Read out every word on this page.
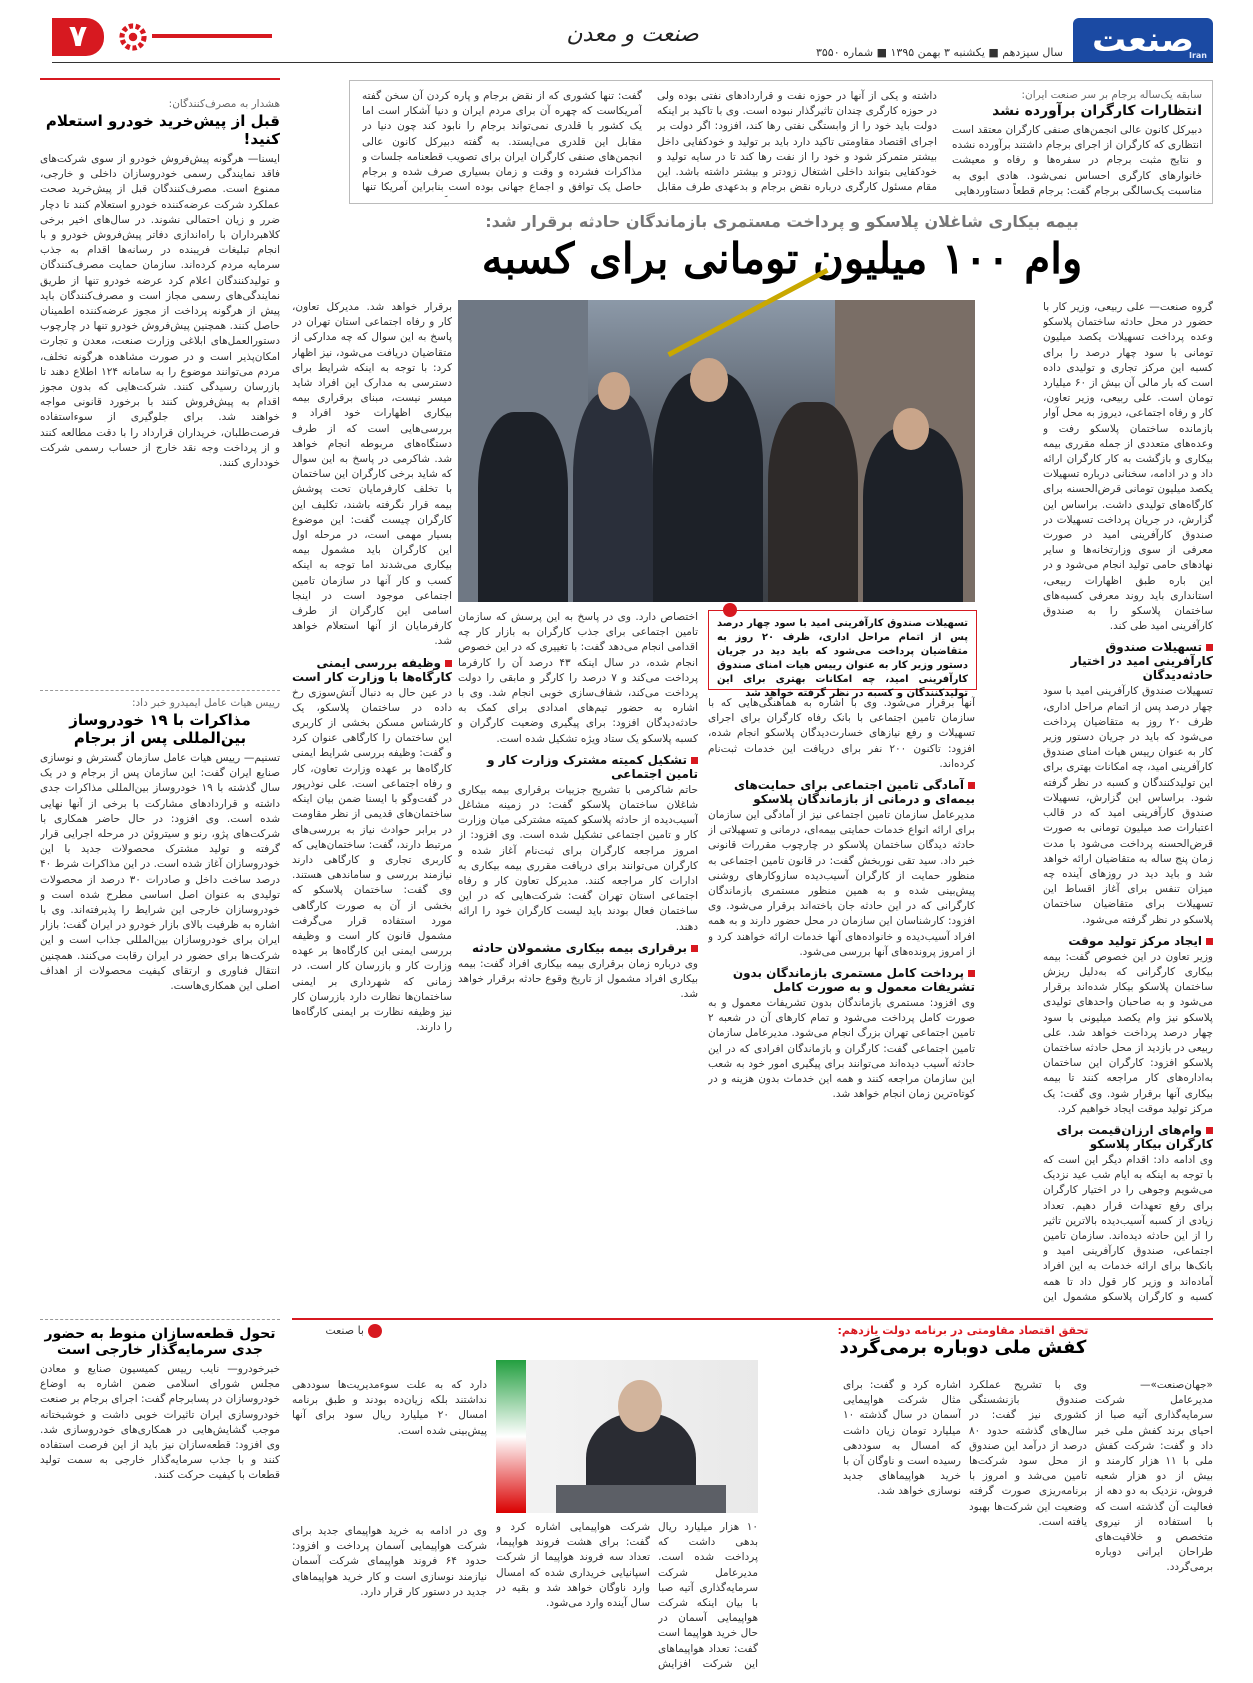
صنعت
Iran
سال سیزدهم ■ یکشنبه ۳ بهمن ۱۳۹۵ ■ شماره ۳۵۵۰
صنعت و معدن
۷
سابقه یک‌ساله برجام بر سر صنعت ایران:
انتظارات کارگران برآورده نشد
دبیرکل کانون عالی انجمن‌های صنفی کارگران معتقد است انتظاری که کارگران از اجرای برجام داشتند برآورده نشده و نتایج مثبت برجام در سفره‌ها و رفاه و معیشت خانوارهای کارگری احساس نمی‌شود. هادی ابوی به مناسبت یک‌سالگی برجام گفت: برجام قطعاً دستاوردهایی
داشته و یکی از آنها در حوزه نفت و قراردادهای نفتی بوده ولی در حوزه کارگری چندان تاثیرگذار نبوده است. وی با تاکید بر اینکه دولت باید خود را از وابستگی نفتی رها کند، افزود: اگر دولت بر اجرای اقتصاد مقاومتی تاکید دارد باید بر تولید و خودکفایی داخل بیشتر متمرکز شود و خود را از نفت رها کند تا در سایه تولید و خودکفایی بتواند داخلی اشتغال زودتر و بیشتر داشته باشد. این مقام مسئول کارگری درباره نقض برجام و بدعهدی طرف مقابل
گفت: تنها کشوری که از نقض برجام و پاره کردن آن سخن گفته آمریکاست که چهره آن برای مردم ایران و دنیا آشکار است اما یک کشور با قلدری نمی‌تواند برجام را نابود کند چون دنیا در مقابل این قلدری می‌ایستد. به گفته دبیرکل کانون عالی انجمن‌های صنفی کارگران ایران برای تصویب قطعنامه جلسات و مذاکرات فشرده و وقت و زمان بسیاری صرف شده و برجام حاصل یک توافق و اجماع جهانی بوده است بنابراین آمریکا تنها
بیمه بیکاری شاغلان پلاسکو و پرداخت مستمری بازماندگان حادثه برقرار شد:
وام ۱۰۰ میلیون تومانی برای کسبه
گروه صنعت— علی ربیعی، وزیر کار با حضور در محل حادثه ساختمان پلاسکو وعده پرداخت تسهیلات یکصد میلیون تومانی با سود چهار درصد را برای کسبه این مرکز تجاری و تولیدی داده است که بار مالی آن بیش از ۶۰ میلیارد تومان است. علی ربیعی، وزیر تعاون، کار و رفاه اجتماعی، دیروز به محل آوار بازمانده ساختمان پلاسکو رفت و وعده‌های متعددی از جمله مقرری بیمه بیکاری و بازگشت به کار کارگران ارائه داد و در ادامه، سخنانی درباره تسهیلات یکصد میلیون تومانی قرض‌الحسنه برای کارگاه‌های تولیدی داشت. براساس این گزارش، در جریان پرداخت تسهیلات در صندوق کارآفرینی امید در صورت معرفی از سوی وزارتخانه‌ها و سایر نهادهای حامی تولید انجام می‌شود و در این باره طبق اظهارات ربیعی، استانداری باید روند معرفی کسبه‌های ساختمان پلاسکو را به صندوق کارآفرینی امید طی کند.
تسهیلات صندوق کارآفرینی امید در اختیار حادثه‌دیدگان
تسهیلات صندوق کارآفرینی امید با سود چهار درصد پس از اتمام مراحل اداری، ظرف ۲۰ روز به متقاضیان پرداخت می‌شود که باید در جریان دستور وزیر کار به عنوان رییس هیات امنای صندوق کارآفرینی امید، چه امکانات بهتری برای این تولیدکنندگان و کسبه در نظر گرفته شود. براساس این گزارش، تسهیلات صندوق کارآفرینی امید که در قالب اعتبارات صد میلیون تومانی به صورت قرض‌الحسنه پرداخت می‌شود با مدت زمان پنج ساله به متقاضیان ارائه خواهد شد و باید دید در روزهای آینده چه میزان تنفس برای آغاز اقساط این تسهیلات برای متقاضیان ساختمان پلاسکو در نظر گرفته می‌شود.
ایجاد مرکز تولید موقت
وزیر تعاون در این خصوص گفت: بیمه بیکاری کارگرانی که به‌دلیل ریزش ساختمان پلاسکو بیکار شده‌اند برقرار می‌شود و به صاحبان واحدهای تولیدی پلاسکو نیز وام یکصد میلیونی با سود چهار درصد پرداخت خواهد شد. علی ربیعی در بازدید از محل حادثه ساختمان پلاسکو افزود: کارگران این ساختمان به‌اداره‌های کار مراجعه کنند تا بیمه بیکاری آنها برقرار شود. وی گفت: یک مرکز تولید موقت ایجاد خواهیم کرد.
وام‌های ارزان‌قیمت برای کارگران بیکار پلاسکو
وی ادامه داد: اقدام دیگر این است که با توجه به اینکه به ایام شب عید نزدیک می‌شویم وجوهی را در اختیار کارگران برای رفع تعهدات قرار دهیم. تعداد زیادی از کسبه آسیب‌دیده بالاترین تاثیر را از این حادثه دیده‌اند. سازمان تامین اجتماعی، صندوق کارآفرینی امید و بانک‌ها برای ارائه خدمات به این افراد آماده‌اند و وزیر کار قول داد تا همه کسبه و کارگران پلاسکو مشمول این
برقرار خواهد شد. مدیرکل تعاون، کار و رفاه اجتماعی استان تهران در پاسخ به این سوال که چه مدارکی از متقاضیان دریافت می‌شود، نیز اظهار کرد: با توجه به اینکه شرایط برای دسترسی به مدارک این افراد شاید میسر نیست، مبنای برقراری بیمه بیکاری اظهارات خود افراد و بررسی‌هایی است که از طرف دستگاه‌های مربوطه انجام خواهد شد. شاکرمی در پاسخ به این سوال که شاید برخی کارگران این ساختمان با تخلف کارفرمایان تحت پوشش بیمه قرار نگرفته باشند، تکلیف این کارگران چیست گفت: این موضوع بسیار مهمی است، در مرحله اول این کارگران باید مشمول بیمه بیکاری می‌شدند اما توجه به اینکه کسب و کار آنها در سازمان تامین اجتماعی موجود است در اینجا اسامی این کارگران از طرف کارفرمایان از آنها استعلام خواهد شد.
وظیفه بررسی ایمنی کارگاه‌ها با وزارت کار است
در عین حال به دنبال آتش‌سوزی رخ داده در ساختمان پلاسکو، یک کارشناس مسکن بخشی از کاربری این ساختمان را کارگاهی عنوان کرد و گفت: وظیفه بررسی شرایط ایمنی کارگاه‌ها بر عهده وزارت تعاون، کار و رفاه اجتماعی است. علی نوذرپور در گفت‌وگو با ایسنا ضمن بیان اینکه ساختمان‌های قدیمی از نظر مقاومت در برابر حوادث نیاز به بررسی‌های مرتبط دارند، گفت: ساختمان‌هایی که کاربری تجاری و کارگاهی دارند نیازمند بررسی و ساماندهی هستند. وی گفت: ساختمان پلاسکو که بخشی از آن به صورت کارگاهی مورد استفاده قرار می‌گرفت مشمول قانون کار است و وظیفه بررسی ایمنی این کارگاه‌ها بر عهده وزارت کار و بازرسان کار است. در زمانی که شهرداری بر ایمنی ساختمان‌ها نظارت دارد بازرسان کار نیز وظیفه نظارت بر ایمنی کارگاه‌ها را دارند.
تسهیلات صندوق کارآفرینی امید با سود چهار درصد پس از اتمام مراحل اداری، ظرف ۲۰ روز به متقاضیان پرداخت می‌شود که باید دید در جریان دستور وزیر کار به عنوان رییس هیات امنای صندوق کارآفرینی امید، چه امکانات بهتری برای این تولیدکنندگان و کسبه در نظر گرفته خواهد شد
اختصاص دارد. وی در پاسخ به این پرسش که سازمان تامین اجتماعی برای جذب کارگران به بازار کار چه اقدامی انجام می‌دهد گفت: با تغییری که در این خصوص انجام شده، در سال اینکه ۴۳ درصد آن را کارفرما پرداخت می‌کند و ۷ درصد را کارگر و مابقی را دولت پرداخت می‌کند، شفاف‌سازی خوبی انجام شد. وی با اشاره به حضور تیم‌های امدادی برای کمک به حادثه‌دیدگان افزود: برای پیگیری وضعیت کارگران و کسبه پلاسکو یک ستاد ویژه تشکیل شده است.
تشکیل کمیته مشترک وزارت کار و تامین اجتماعی
حاتم شاکرمی با تشریح جزییات برقراری بیمه بیکاری شاغلان ساختمان پلاسکو گفت: در زمینه مشاغل آسیب‌دیده از حادثه پلاسکو کمیته مشترکی میان وزارت کار و تامین اجتماعی تشکیل شده است. وی افزود: از امروز مراجعه کارگران برای ثبت‌نام آغاز شده و کارگران می‌توانند برای دریافت مقرری بیمه بیکاری به ادارات کار مراجعه کنند. مدیرکل تعاون کار و رفاه اجتماعی استان تهران گفت: شرکت‌هایی که در این ساختمان فعال بودند باید لیست کارگران خود را ارائه دهند.
برقراری بیمه بیکاری مشمولان حادثه
وی درباره زمان برقراری بیمه بیکاری افراد گفت: بیمه بیکاری افراد مشمول از تاریخ وقوع حادثه برقرار خواهد شد.
آنها برقرار می‌شود. وی با اشاره به هماهنگی‌هایی که با سازمان تامین اجتماعی با بانک رفاه کارگران برای اجرای تسهیلات و رفع نیازهای خسارت‌دیدگان پلاسکو انجام شده، افزود: تاکنون ۲۰۰ نفر برای دریافت این خدمات ثبت‌نام کرده‌اند.
آمادگی تامین اجتماعی برای حمایت‌های بیمه‌ای و درمانی از بازماندگان پلاسکو
مدیرعامل سازمان تامین اجتماعی نیز از آمادگی این سازمان برای ارائه انواع خدمات حمایتی بیمه‌ای، درمانی و تسهیلاتی از حادثه دیدگان ساختمان پلاسکو در چارچوب مقررات قانونی خبر داد. سید تقی نوربخش گفت: در قانون تامین اجتماعی به منظور حمایت از کارگران آسیب‌دیده سازوکارهای روشنی پیش‌بینی شده و به همین منظور مستمری بازماندگان کارگرانی که در این حادثه جان باخته‌اند برقرار می‌شود. وی افزود: کارشناسان این سازمان در محل حضور دارند و به همه افراد آسیب‌دیده و خانواده‌های آنها خدمات ارائه خواهند کرد و از امروز پرونده‌های آنها بررسی می‌شود.
پرداخت کامل مستمری بازماندگان بدون تشریفات معمول و به صورت کامل
وی افزود: مستمری بازماندگان بدون تشریفات معمول و به صورت کامل پرداخت می‌شود و تمام کارهای آن در شعبه ۲ تامین اجتماعی تهران بزرگ انجام می‌شود. مدیرعامل سازمان تامین اجتماعی گفت: کارگران و بازماندگان افرادی که در این حادثه آسیب دیده‌اند می‌توانند برای پیگیری امور خود به شعب این سازمان مراجعه کنند و همه این خدمات بدون هزینه و در کوتاه‌ترین زمان انجام خواهد شد.
هشدار به مصرف‌کنندگان:
قبل از پیش‌خرید خودرو استعلام کنید!
ایسنا— هرگونه پیش‌فروش خودرو از سوی شرکت‌های فاقد نمایندگی رسمی خودروسازان داخلی و خارجی، ممنوع است. مصرف‌کنندگان قبل از پیش‌خرید صحت عملکرد شرکت عرضه‌کننده خودرو استعلام کنند تا دچار ضرر و زیان احتمالی نشوند. در سال‌های اخیر برخی کلاهبرداران با راه‌اندازی دفاتر پیش‌فروش خودرو و با انجام تبلیغات فریبنده در رسانه‌ها اقدام به جذب سرمایه مردم کرده‌اند. سازمان حمایت مصرف‌کنندگان و تولیدکنندگان اعلام کرد عرضه خودرو تنها از طریق نمایندگی‌های رسمی مجاز است و مصرف‌کنندگان باید پیش از هرگونه پرداخت از مجوز عرضه‌کننده اطمینان حاصل کنند. همچنین پیش‌فروش خودرو تنها در چارچوب دستورالعمل‌های ابلاغی وزارت صنعت، معدن و تجارت امکان‌پذیر است و در صورت مشاهده هرگونه تخلف، مردم می‌توانند موضوع را به سامانه ۱۲۴ اطلاع دهند تا بازرسان رسیدگی کنند. شرکت‌هایی که بدون مجوز اقدام به پیش‌فروش کنند با برخورد قانونی مواجه خواهند شد. برای جلوگیری از سوءاستفاده فرصت‌طلبان، خریداران قرارداد را با دقت مطالعه کنند و از پرداخت وجه نقد خارج از حساب رسمی شرکت خودداری کنند.
رییس هیات عامل ایمیدرو خبر داد:
مذاکرات با ۱۹ خودروساز بین‌المللی پس از برجام
تسنیم— رییس هیات عامل سازمان گسترش و نوسازی صنایع ایران گفت: این سازمان پس از برجام و در یک سال گذشته با ۱۹ خودروساز بین‌المللی مذاکرات جدی داشته و قراردادهای مشارکت با برخی از آنها نهایی شده است. وی افزود: در حال حاضر همکاری با شرکت‌های پژو، رنو و سیتروئن در مرحله اجرایی قرار گرفته و تولید مشترک محصولات جدید با این خودروسازان آغاز شده است. در این مذاکرات شرط ۴۰ درصد ساخت داخل و صادرات ۳۰ درصد از محصولات تولیدی به عنوان اصل اساسی مطرح شده است و خودروسازان خارجی این شرایط را پذیرفته‌اند. وی با اشاره به ظرفیت بالای بازار خودرو در ایران گفت: بازار ایران برای خودروسازان بین‌المللی جذاب است و این شرکت‌ها برای حضور در ایران رقابت می‌کنند. همچنین انتقال فناوری و ارتقای کیفیت محصولات از اهداف اصلی این همکاری‌هاست.
تحول قطعه‌سازان منوط به حضور جدی سرمایه‌گذار خارجی است
خبرخودرو— نایب رییس کمیسیون صنایع و معادن مجلس شورای اسلامی ضمن اشاره به اوضاع خودروسازان در پسابرجام گفت: اجرای برجام بر صنعت خودروسازی ایران تاثیرات خوبی داشت و خوشبختانه موجب گشایش‌هایی در همکاری‌های خودروسازی شد. وی افزود: قطعه‌سازان نیز باید از این فرصت استفاده کنند و با جذب سرمایه‌گذار خارجی به سمت تولید قطعات با کیفیت حرکت کنند.
با صنعت	تحقق اقتصاد مقاومتی در برنامه دولت یازدهم:
کفش ملی دوباره برمی‌گردد
«جهان‌صنعت»— مدیرعامل شرکت سرمایه‌گذاری آتیه صبا از احیای برند کفش ملی خبر داد و گفت: شرکت کفش ملی با ۱۱ هزار کارمند و بیش از دو هزار شعبه فروش، نزدیک به دو دهه از فعالیت آن گذشته است که با استفاده از نیروی متخصص و خلاقیت‌های طراحان ایرانی دوباره برمی‌گردد.
وی با تشریح عملکرد صندوق بازنشستگی کشوری نیز گفت: در سال‌های گذشته حدود ۸۰ درصد از درآمد این صندوق از محل سود شرکت‌ها تامین می‌شد و امروز با برنامه‌ریزی صورت گرفته وضعیت این شرکت‌ها بهبود یافته است.
اشاره کرد و گفت: برای مثال شرکت هواپیمایی آسمان در سال گذشته ۱۰ میلیارد تومان زیان داشت که امسال به سوددهی رسیده است و ناوگان آن با خرید هواپیماهای جدید نوسازی خواهد شد.
دارد که به علت سوءمدیریت‌ها سوددهی نداشتند بلکه زیان‌ده بودند و طبق برنامه امسال ۲۰ میلیارد ریال سود برای آنها پیش‌بینی شده است.
۱۰ هزار میلیارد ریال بدهی داشت که پرداخت شده است. مدیرعامل شرکت سرمایه‌گذاری آتیه صبا با بیان اینکه شرکت هواپیمایی آسمان در حال خرید هواپیما است گفت: تعداد هواپیماهای این شرکت افزایش
شرکت هواپیمایی اشاره کرد و گفت: برای هشت فروند هواپیما، تعداد سه فروند هواپیما از شرکت اسپانیایی خریداری شده که امسال وارد ناوگان خواهد شد و بقیه در سال آینده وارد می‌شود.
وی در ادامه به خرید هواپیمای جدید برای شرکت هواپیمایی آسمان پرداخت و افزود: حدود ۶۴ فروند هواپیمای شرکت آسمان نیازمند نوسازی است و کار خرید هواپیماهای جدید در دستور کار قرار دارد.
